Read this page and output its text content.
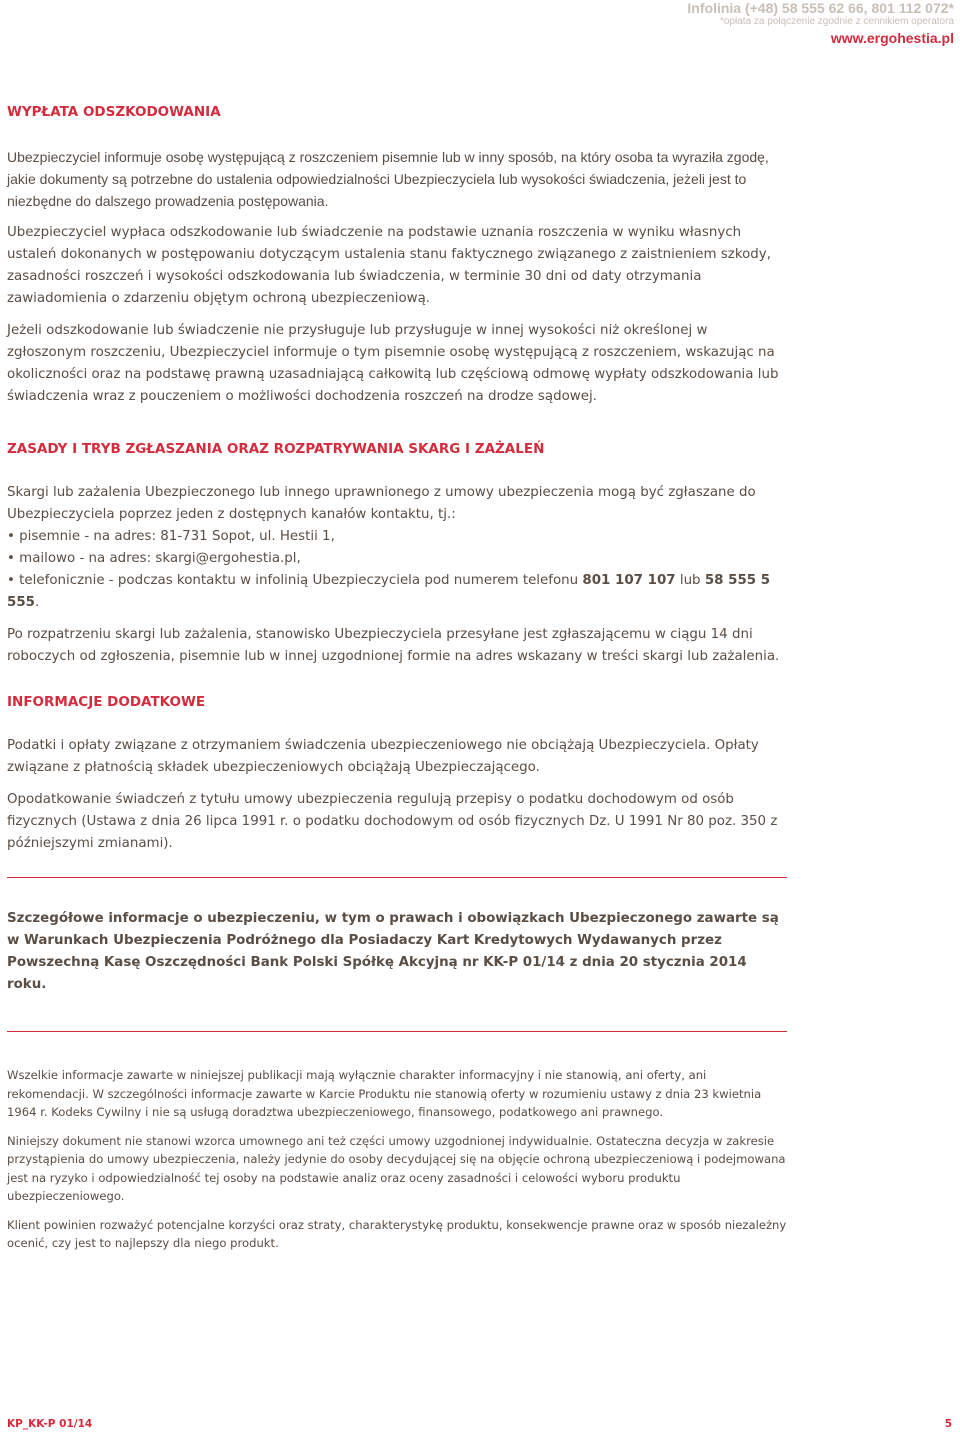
Infolinia (+48) 58 555 62 66, 801 112 072*
*opłata za połączenie zgodnie z cennikiem operatora
www.ergohestia.pl
WYPŁATA ODSZKODOWANIA

Ubezpieczyciel informuje osobę występującą z roszczeniem pisemnie lub w inny sposób, na który osoba ta wyraziła zgodę, jakie dokumenty są potrzebne do ustalenia odpowiedzialności Ubezpieczyciela lub wysokości świadczenia, jeżeli jest to niezbędne do dalszego prowadzenia postępowania.

Ubezpieczyciel wypłaca odszkodowanie lub świadczenie na podstawie uznania roszczenia w wyniku własnych ustaleń dokonanych w postępowaniu dotyczącym ustalenia stanu faktycznego związanego z zaistnieniem szkody, zasadności roszczeń i wysokości odszkodowania lub świadczenia, w terminie 30 dni od daty otrzymania zawiadomienia o zdarzeniu objętym ochroną ubezpieczeniową.

Jeżeli odszkodowanie lub świadczenie nie przysługuje lub przysługuje w innej wysokości niż określonej w zgłoszonym roszczeniu, Ubezpieczyciel informuje o tym pisemnie osobę występującą z roszczeniem, wskazując na okoliczności oraz na podstawę prawną uzasadniającą całkowitą lub częściową odmowę wypłaty odszkodowania lub świadczenia wraz z pouczeniem o możliwości dochodzenia roszczeń na drodze sądowej.

ZASADY I TRYB ZGŁASZANIA ORAZ ROZPATRYWANIA SKARG I ZAŻALEŃ

Skargi lub zażalenia Ubezpieczonego lub innego uprawnionego z umowy ubezpieczenia mogą być zgłaszane do Ubezpieczyciela poprzez jeden z dostępnych kanałów kontaktu, tj.:

• pisemnie - na adres: 81-731 Sopot, ul. Hestii 1,
• mailowo - na adres: skargi@ergohestia.pl,
• telefonicznie - podczas kontaktu w infolinią Ubezpieczyciela pod numerem telefonu 801 107 107 lub 58 555 5 555.

Po rozpatrzeniu skargi lub zażalenia, stanowisko Ubezpieczyciela przesyłane jest zgłaszającemu w ciągu 14 dni roboczych od zgłoszenia, pisemnie lub w innej uzgodnionej formie na adres wskazany w treści skargi lub zażalenia.

INFORMACJE DODATKOWE

Podatki i opłaty związane z otrzymaniem świadczenia ubezpieczeniowego nie obciążają Ubezpieczyciela. Opłaty związane z płatnością składek ubezpieczeniowych obciążają Ubezpieczającego.

Opodatkowanie świadczeń z tytułu umowy ubezpieczenia regulują przepisy o podatku dochodowym od osób fizycznych (Ustawa z dnia 26 lipca 1991 r. o podatku dochodowym od osób fizycznych Dz. U 1991 Nr 80 poz. 350 z późniejszymi zmianami).

Szczegółowe informacje o ubezpieczeniu, w tym o prawach i obowiązkach Ubezpieczonego zawarte są w Warunkach Ubezpieczenia Podróżnego dla Posiadaczy Kart Kredytowych Wydawanych przez Powszechną Kasę Oszczędności Bank Polski Spółkę Akcyjną nr KK-P 01/14 z dnia 20 stycznia 2014 roku.

Wszelkie informacje zawarte w niniejszej publikacji mają wyłącznie charakter informacyjny i nie stanowią, ani oferty, ani rekomendacji. W szczególności informacje zawarte w Karcie Produktu nie stanowią oferty w rozumieniu ustawy z dnia 23 kwietnia 1964 r. Kodeks Cywilny i nie są usługą doradztwa ubezpieczeniowego, finansowego, podatkowego ani prawnego.

Niniejszy dokument nie stanowi wzorca umownego ani też części umowy uzgodnionej indywidualnie. Ostateczna decyzja w zakresie przystąpienia do umowy ubezpieczenia, należy jedynie do osoby decydującej się na objęcie ochroną ubezpieczeniową i podejmowana jest na ryzyko i odpowiedzialność tej osoby na podstawie analiz oraz oceny zasadności i celowości wyboru produktu ubezpieczeniowego.

Klient powinien rozważyć potencjalne korzyści oraz straty, charakterystykę produktu, konsekwencje prawne oraz w sposób niezależny ocenić, czy jest to najlepszy dla niego produkt.

KP_KK-P 01/14	5
